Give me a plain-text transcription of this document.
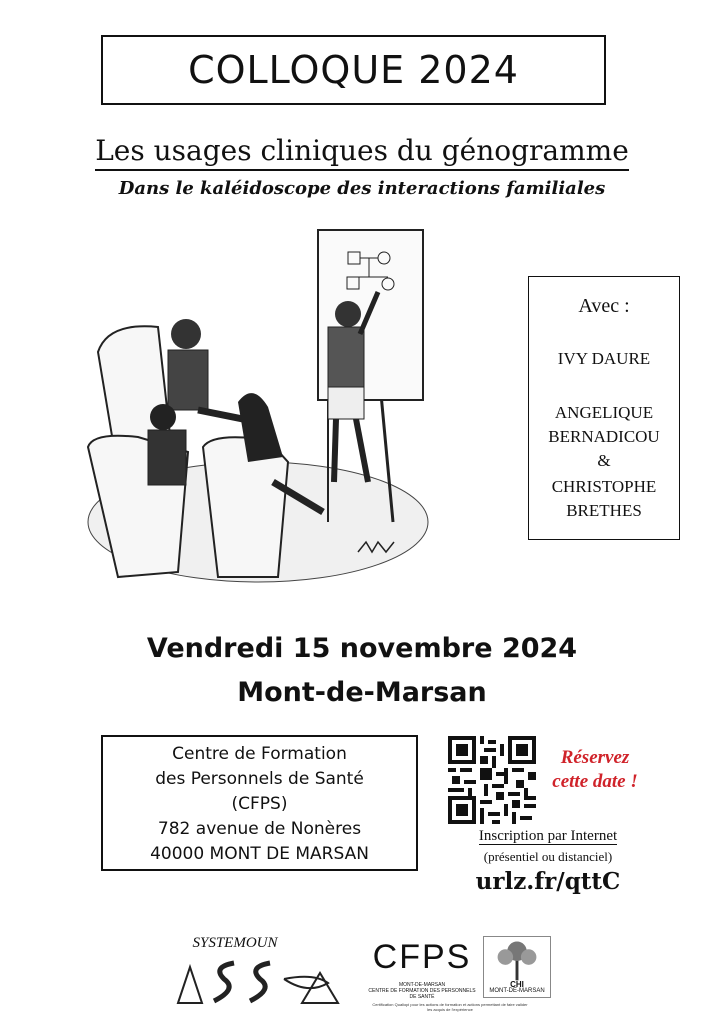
COLLOQUE 2024
Les usages cliniques du génogramme
Dans le kaléidoscope des interactions familiales
Avec :
IVY DAURE
ANGELIQUE
BERNADICOU
&
CHRISTOPHE
BRETHES
Vendredi 15 novembre 2024
Mont-de-Marsan
Centre de Formation
des Personnels de Santé
(CFPS)
782 avenue de Nonères
40000 MONT DE MARSAN
Réservez
cette date !
Inscription par Internet
(présentiel ou distanciel)
urlz.fr/qttC
SYSTEMOUN	CFPS
MONT-DE-MARSAN
CENTRE DE FORMATION DES PERSONNELS DE SANTÉ
Certification Qualiopi pour les actions de formation et actions permettant de faire valider les acquis de l'expérience
CHI
MONT-DE-MARSAN
